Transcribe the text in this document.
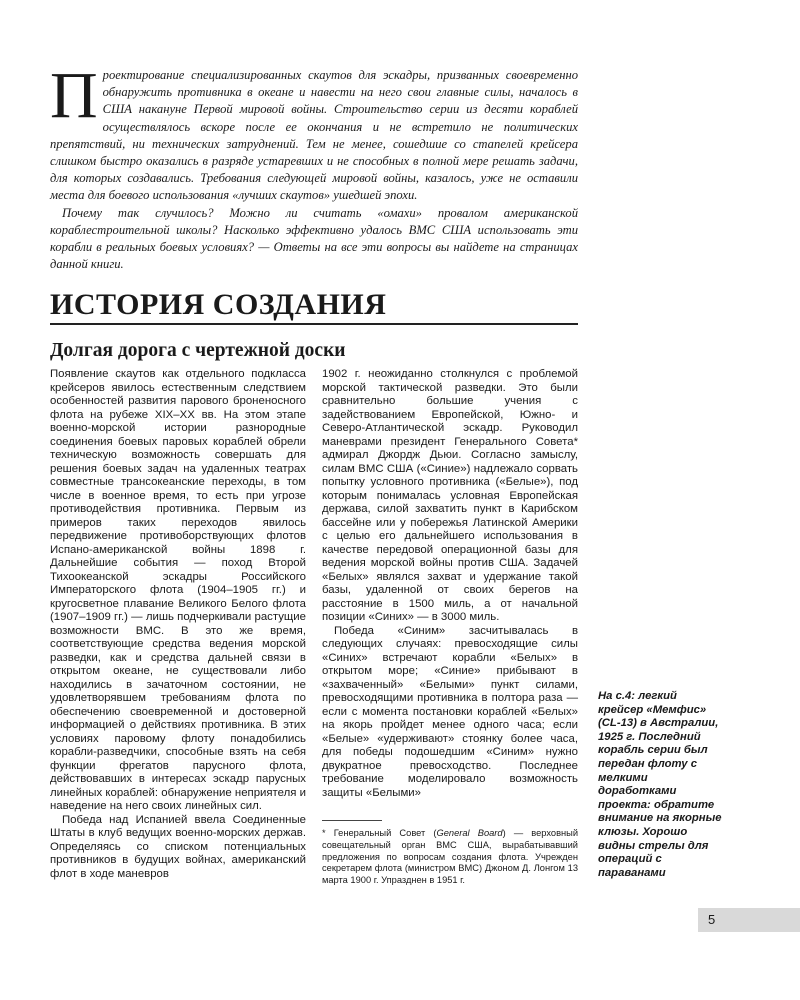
Проектирование специализированных скаутов для эскадры, призванных своевременно обнаружить противника в океане и навести на него свои главные силы, началось в США накануне Первой мировой войны. Строительство серии из десяти кораблей осуществлялось вскоре после ее окончания и не встретило не политических препятствий, ни технических затруднений. Тем не менее, сошедшие со стапелей крейсера слишком быстро оказались в разряде устаревших и не способных в полной мере решать задачи, для которых создавались. Требования следующей мировой войны, казалось, уже не оставили места для боевого использования «лучших скаутов» ушедшей эпохи.

Почему так случилось? Можно ли считать «омахи» провалом американской кораблестроительной школы? Насколько эффективно удалось ВМС США использовать эти корабли в реальных боевых условиях? — Ответы на все эти вопросы вы найдете на страницах данной книги.

ИСТОРИЯ СОЗДАНИЯ
Долгая дорога с чертежной доски

Появление скаутов как отдельного подкласса крейсеров явилось естественным следствием особенностей развития парового броненосного флота на рубеже XIX–XX вв. На этом этапе военно-морской истории разнородные соединения боевых паровых кораблей обрели техническую возможность совершать для решения боевых задач на удаленных театрах совместные трансокеанские переходы, в том числе в военное время, то есть при угрозе противодействия противника. Первым из примеров таких переходов явилось передвижение противоборствующих флотов Испано-американской войны 1898 г. Дальнейшие события — поход Второй Тихоокеанской эскадры Российского Императорского флота (1904–1905 гг.) и кругосветное плавание Великого Белого флота (1907–1909 гг.) — лишь подчеркивали растущие возможности ВМС. В это же время, соответствующие средства ведения морской разведки, как и средства дальней связи в открытом океане, не существовали либо находились в зачаточном состоянии, не удовлетворявшем требованиям флота по обеспечению своевременной и достоверной информацией о действиях противника. В этих условиях паровому флоту понадобились корабли-разведчики, способные взять на себя функции фрегатов парусного флота, действовавших в интересах эскадр парусных линейных кораблей: обнаружение неприятеля и наведение на него своих линейных сил.

Победа над Испанией ввела Соединенные Штаты в клуб ведущих военно-морских держав. Определяясь со списком потенциальных противников в будущих войнах, американский флот в ходе маневров

1902 г. неожиданно столкнулся с проблемой морской тактической разведки. Это были сравнительно большие учения с задействованием Европейской, Южно- и Северо-Атлантической эскадр. Руководил маневрами президент Генерального Совета* адмирал Джордж Дьюи. Согласно замыслу, силам ВМС США («Синие») надлежало сорвать попытку условного противника («Белые»), под которым понималась условная Европейская держава, силой захватить пункт в Карибском бассейне или у побережья Латинской Америки с целью его дальнейшего использования в качестве передовой операционной базы для ведения морской войны против США. Задачей «Белых» являлся захват и удержание такой базы, удаленной от своих берегов на расстояние в 1500 миль, а от начальной позиции «Синих» — в 3000 миль.

Победа «Синим» засчитывалась в следующих случаях: превосходящие силы «Синих» встречают корабли «Белых» в открытом море; «Синие» прибывают в «захваченный» «Белыми» пункт силами, превосходящими противника в полтора раза — если с момента постановки кораблей «Белых» на якорь пройдет менее одного часа; если «Белые» «удерживают» стоянку более часа, для победы подошедшим «Синим» нужно двукратное превосходство. Последнее требование моделировало возможность защиты «Белыми»

* Генеральный Совет (General Board) — верховный совещательный орган ВМС США, вырабатывавший предложения по вопросам создания флота. Учрежден секретарем флота (министром ВМС) Джоном Д. Лонгом 13 марта 1900 г. Упразднен в 1951 г.

На с.4: легкий крейсер «Мемфис» (CL-13) в Австралии, 1925 г. Последний корабль серии был передан флоту с мелкими доработками проекта: обратите внимание на якорные клюзы. Хорошо видны стрелы для операций с параванами

5
